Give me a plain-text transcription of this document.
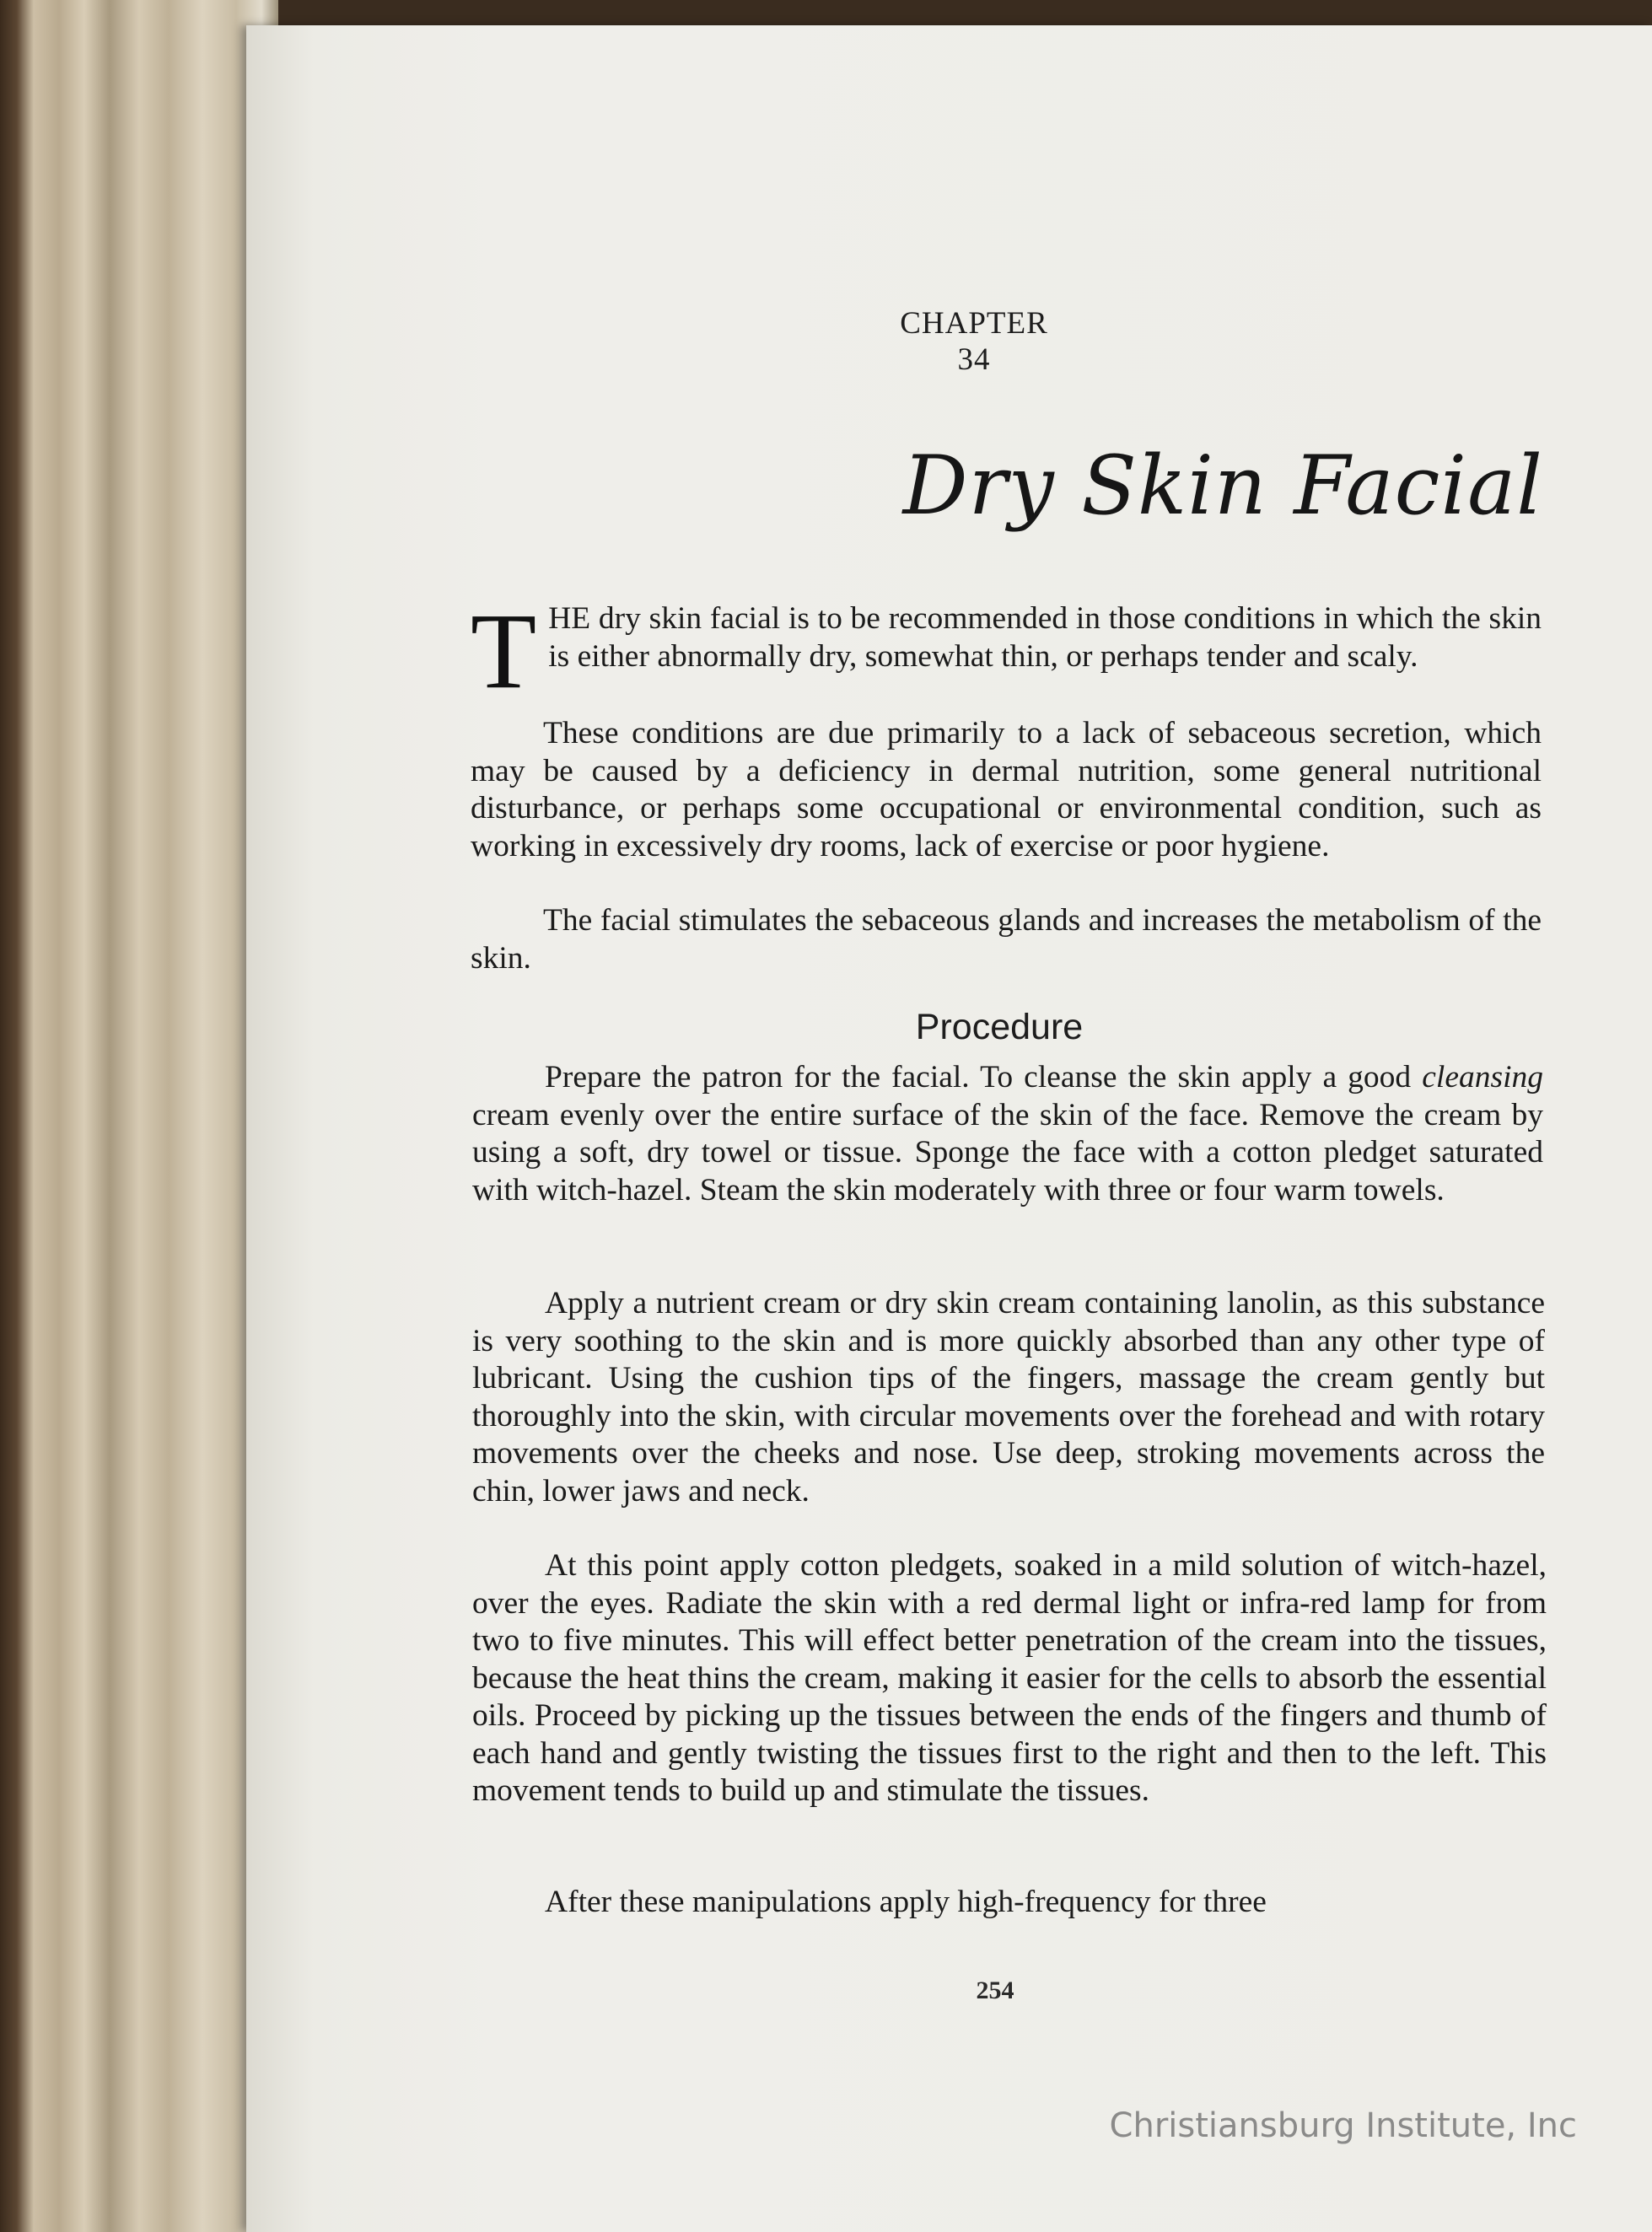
CHAPTER 34
Dry Skin Facial
T HE dry skin facial is to be recommended in those conditions in which the skin is either abnormally dry, somewhat thin, or perhaps tender and scaly.
These conditions are due primarily to a lack of sebaceous secretion, which may be caused by a deficiency in dermal nutrition, some general nutritional disturbance, or perhaps some occupational or environmental condition, such as working in excessively dry rooms, lack of exercise or poor hygiene.
The facial stimulates the sebaceous glands and increases the metabolism of the skin.
Procedure
Prepare the patron for the facial. To cleanse the skin apply a good cleansing cream evenly over the entire surface of the skin of the face. Remove the cream by using a soft, dry towel or tissue. Sponge the face with a cotton pledget saturated with witch-hazel. Steam the skin moderately with three or four warm towels.
Apply a nutrient cream or dry skin cream containing lanolin, as this substance is very soothing to the skin and is more quickly absorbed than any other type of lubricant. Using the cushion tips of the fingers, massage the cream gently but thoroughly into the skin, with circular movements over the forehead and with rotary movements over the cheeks and nose. Use deep, stroking movements across the chin, lower jaws and neck.
At this point apply cotton pledgets, soaked in a mild solution of witch-hazel, over the eyes. Radiate the skin with a red dermal light or infra-red lamp for from two to five minutes. This will effect better penetration of the cream into the tissues, because the heat thins the cream, making it easier for the cells to absorb the essential oils. Proceed by picking up the tissues between the ends of the fingers and thumb of each hand and gently twisting the tissues first to the right and then to the left. This movement tends to build up and stimulate the tissues.
After these manipulations apply high-frequency for three
254
Christiansburg Institute, Inc
